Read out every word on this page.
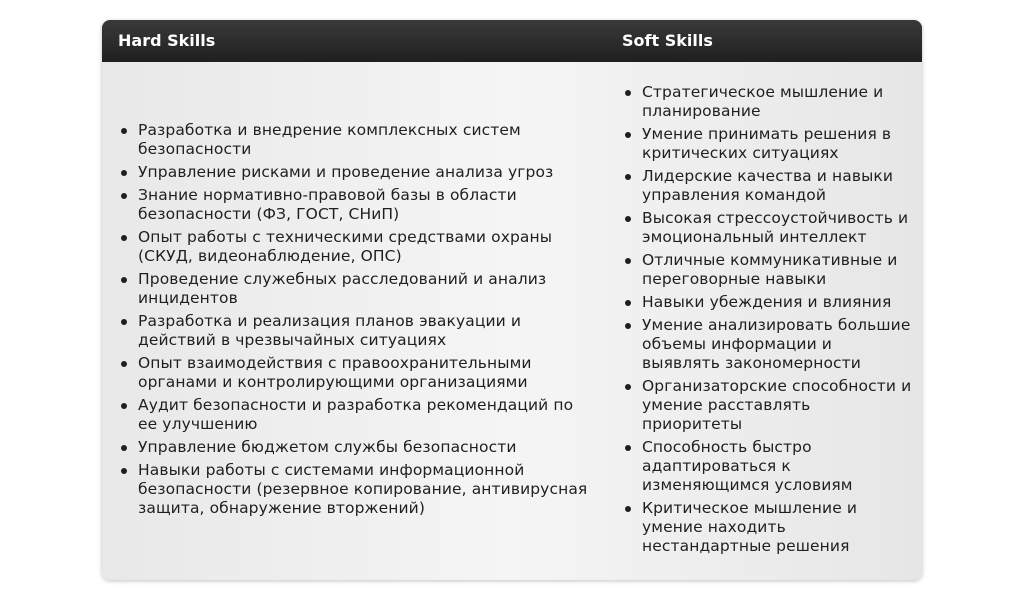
Hard Skills	Soft Skills
Разработка и внедрение комплексных систем безопасности
Управление рисками и проведение анализа угроз
Знание нормативно-правовой базы в области безопасности (ФЗ, ГОСТ, СНиП)
Опыт работы с техническими средствами охраны (СКУД, видеонаблюдение, ОПС)
Проведение служебных расследований и анализ инцидентов
Разработка и реализация планов эвакуации и действий в чрезвычайных ситуациях
Опыт взаимодействия с правоохранительными органами и контролирующими организациями
Аудит безопасности и разработка рекомендаций по ее улучшению
Управление бюджетом службы безопасности
Навыки работы с системами информационной безопасности (резервное копирование, антивирусная защита, обнаружение вторжений)
Стратегическое мышление и планирование
Умение принимать решения в критических ситуациях
Лидерские качества и навыки управления командой
Высокая стрессоустойчивость и эмоциональный интеллект
Отличные коммуникативные и переговорные навыки
Навыки убеждения и влияния
Умение анализировать большие объемы информации и выявлять закономерности
Организаторские способности и умение расставлять приоритеты
Способность быстро адаптироваться к изменяющимся условиям
Критическое мышление и умение находить нестандартные решения
